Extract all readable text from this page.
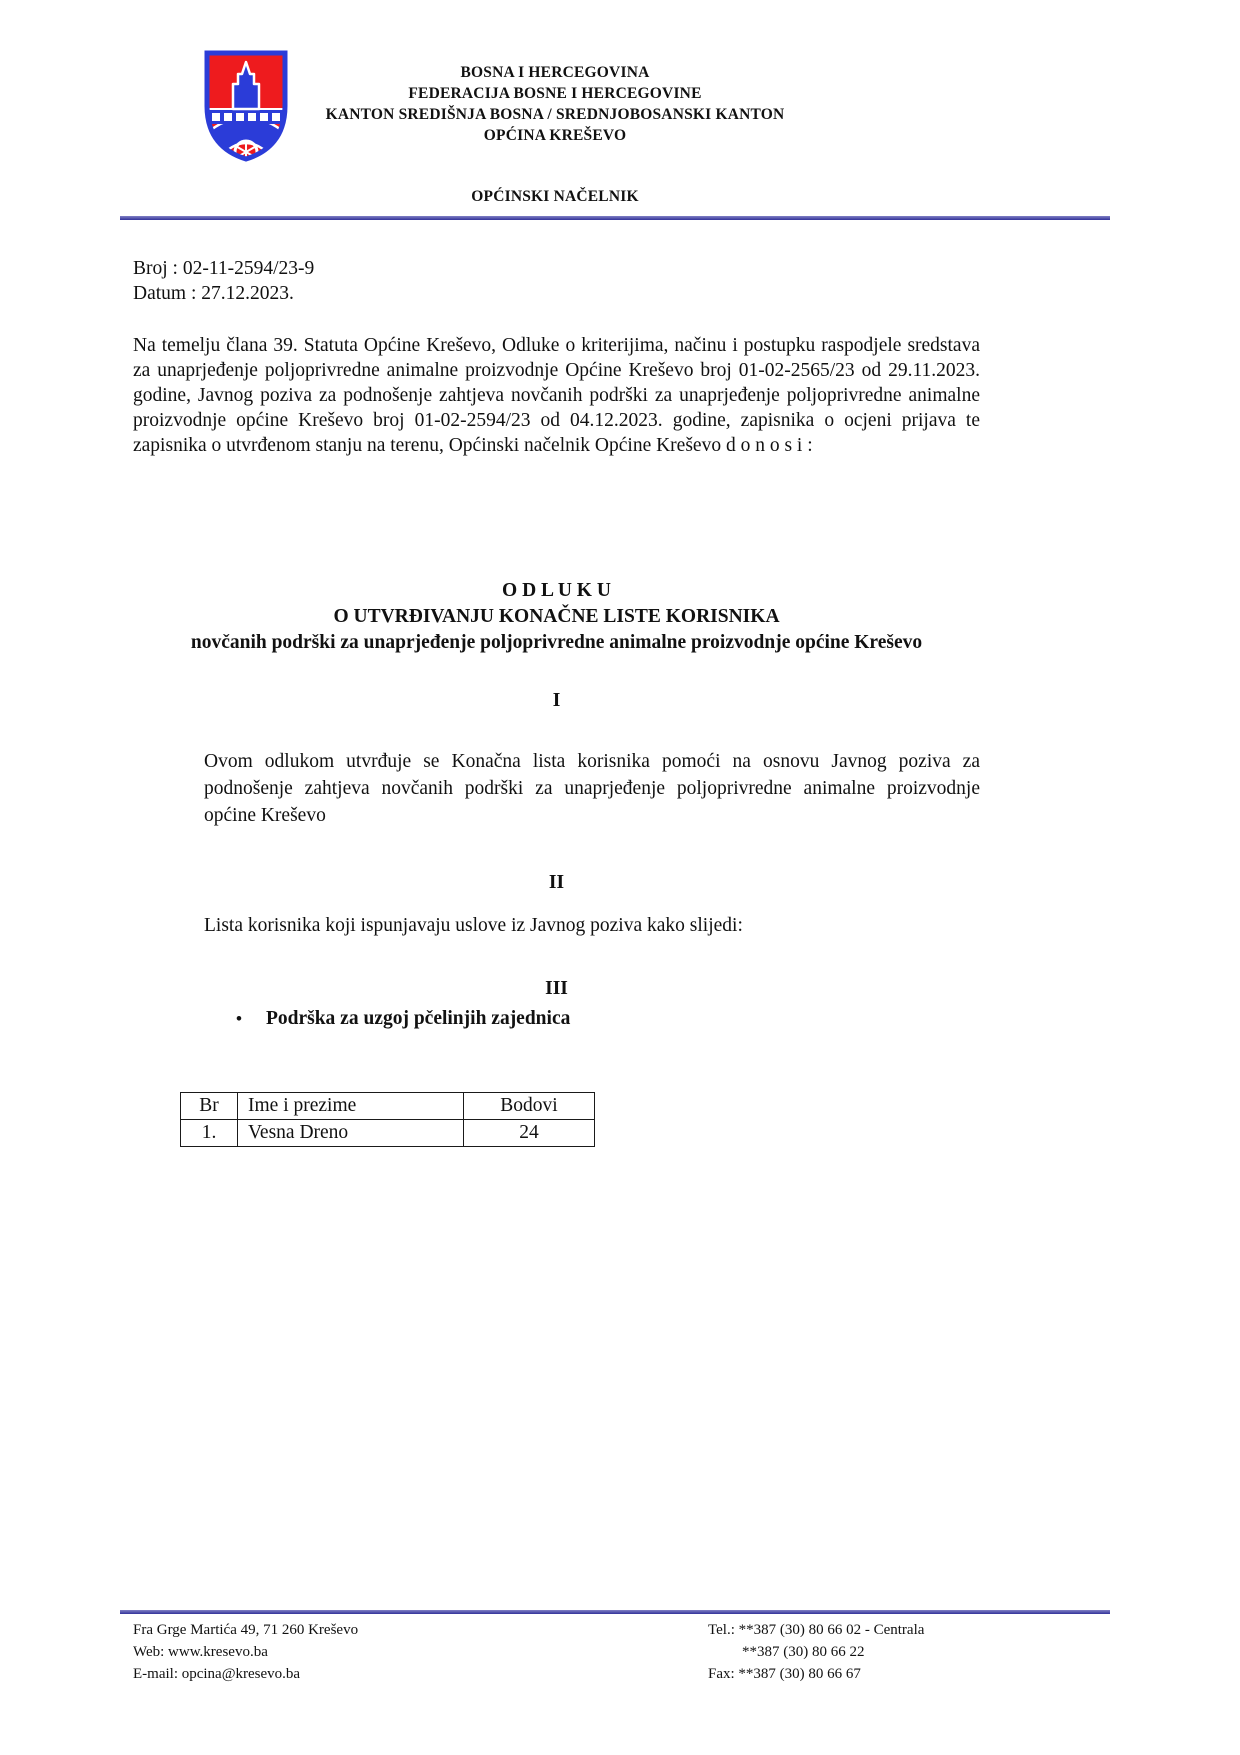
BOSNA I HERCEGOVINA
FEDERACIJA BOSNE I HERCEGOVINE
KANTON SREDIŠNJA BOSNA / SREDNJOBOSANSKI KANTON
OPĆINA KREŠEVO
OPĆINSKI NAČELNIK
Broj : 02-11-2594/23-9
Datum : 27.12.2023.
Na temelju člana 39. Statuta Općine Kreševo, Odluke o kriterijima, načinu i postupku raspodjele sredstava za unaprjeđenje poljoprivredne animalne proizvodnje Općine Kreševo broj 01-02-2565/23 od 29.11.2023. godine, Javnog poziva za podnošenje zahtjeva novčanih podrški za unaprjeđenje poljoprivredne animalne proizvodnje općine Kreševo broj 01-02-2594/23 od 04.12.2023. godine, zapisnika o ocjeni prijava te zapisnika o utvrđenom stanju na terenu, Općinski načelnik Općine Kreševo d o n o s i :
O D L U K U
O UTVRĐIVANJU KONAČNE LISTE KORISNIKA
novčanih podrški za unaprjeđenje poljoprivredne animalne proizvodnje općine Kreševo
I
Ovom odlukom utvrđuje se Konačna lista korisnika pomoći na osnovu Javnog poziva za podnošenje zahtjeva novčanih podrški za unaprjeđenje poljoprivredne animalne proizvodnje općine Kreševo
II
Lista korisnika koji ispunjavaju uslove iz Javnog poziva kako slijedi:
III
• Podrška za uzgoj pčelinjih zajednica
Br	Ime i prezime	Bodovi
1.	Vesna Dreno	24
Fra Grge Martića 49, 71 260 Kreševo
Web: www.kresevo.ba
E-mail: opcina@kresevo.ba
Tel.: **387 (30) 80 66 02 - Centrala
**387 (30) 80 66 22
Fax: **387 (30) 80 66 67
